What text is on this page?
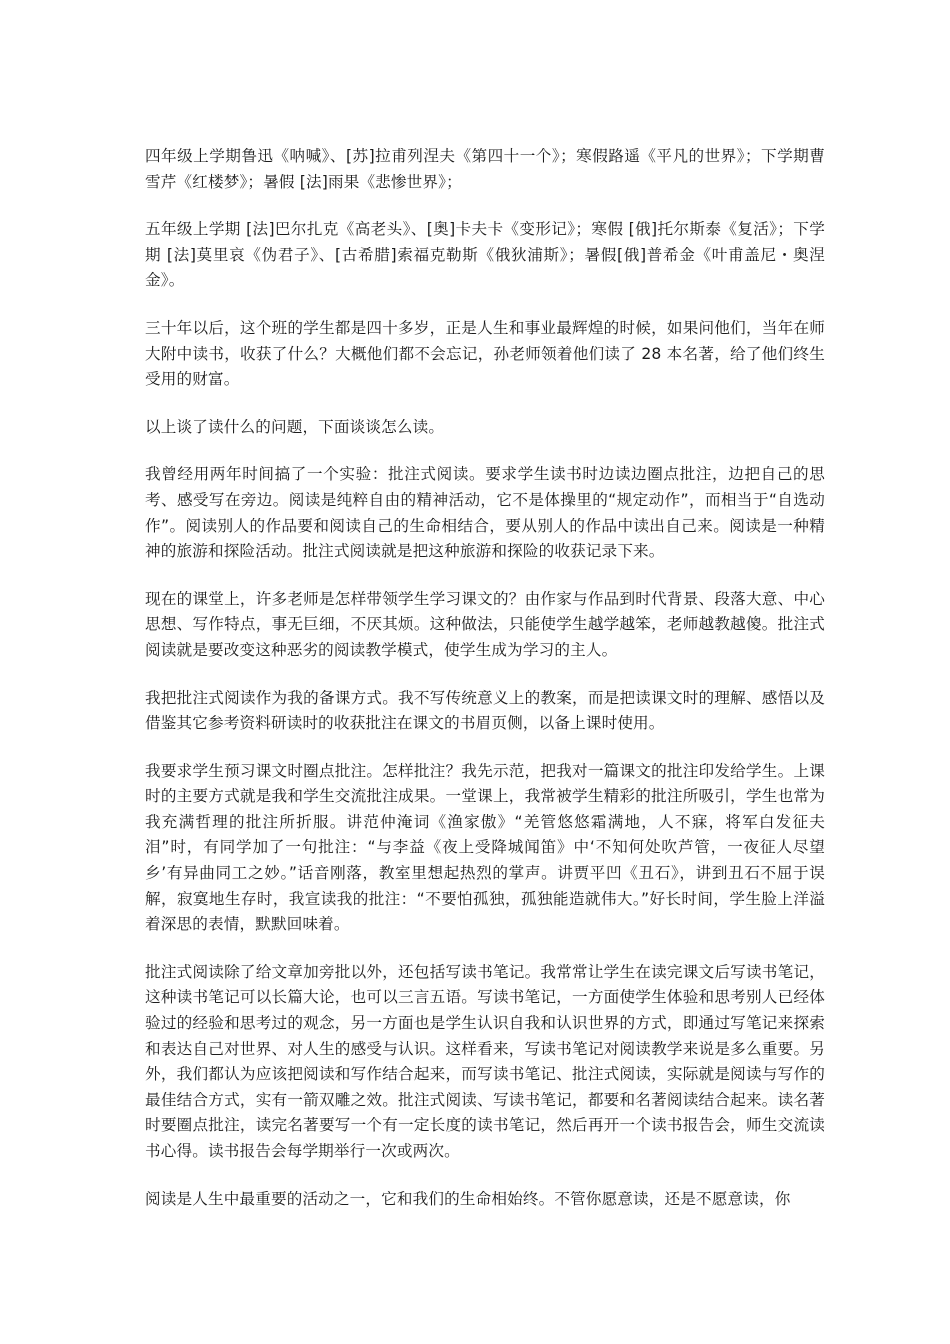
四年级上学期鲁迅《呐喊》、[苏]拉甫列涅夫《第四十一个》；寒假路遥《平凡的世界》；下学期曹雪芹《红楼梦》；暑假 [法]雨果《悲惨世界》；

五年级上学期 [法]巴尔扎克《高老头》、[奥]卡夫卡《变形记》；寒假 [俄]托尔斯泰《复活》；下学期 [法]莫里哀《伪君子》、[古希腊]索福克勒斯《俄狄浦斯》；暑假[俄]普希金《叶甫盖尼・奥涅金》。

三十年以后，这个班的学生都是四十多岁，正是人生和事业最辉煌的时候，如果问他们，当年在师大附中读书，收获了什么？大概他们都不会忘记，孙老师领着他们读了 28 本名著，给了他们终生受用的财富。

以上谈了读什么的问题，下面谈谈怎么读。

我曾经用两年时间搞了一个实验：批注式阅读。要求学生读书时边读边圈点批注，边把自己的思考、感受写在旁边。阅读是纯粹自由的精神活动，它不是体操里的“规定动作”，而相当于“自选动作”。阅读别人的作品要和阅读自己的生命相结合，要从别人的作品中读出自己来。阅读是一种精神的旅游和探险活动。批注式阅读就是把这种旅游和探险的收获记录下来。

现在的课堂上，许多老师是怎样带领学生学习课文的？由作家与作品到时代背景、段落大意、中心思想、写作特点，事无巨细，不厌其烦。这种做法，只能使学生越学越笨，老师越教越傻。批注式阅读就是要改变这种恶劣的阅读教学模式，使学生成为学习的主人。

我把批注式阅读作为我的备课方式。我不写传统意义上的教案，而是把读课文时的理解、感悟以及借鉴其它参考资料研读时的收获批注在课文的书眉页侧，以备上课时使用。

我要求学生预习课文时圈点批注。怎样批注？我先示范，把我对一篇课文的批注印发给学生。上课时的主要方式就是我和学生交流批注成果。一堂课上，我常被学生精彩的批注所吸引，学生也常为我充满哲理的批注所折服。讲范仲淹词《渔家傲》“羌管悠悠霜满地，人不寐，将军白发征夫泪”时，有同学加了一句批注：“与李益《夜上受降城闻笛》中‘不知何处吹芦管，一夜征人尽望乡’有异曲同工之妙。”话音刚落，教室里想起热烈的掌声。讲贾平凹《丑石》，讲到丑石不屈于误解，寂寞地生存时，我宣读我的批注：“不要怕孤独，孤独能造就伟大。”好长时间，学生脸上洋溢着深思的表情，默默回味着。

批注式阅读除了给文章加旁批以外，还包括写读书笔记。我常常让学生在读完课文后写读书笔记，这种读书笔记可以长篇大论，也可以三言五语。写读书笔记，一方面使学生体验和思考别人已经体验过的经验和思考过的观念，另一方面也是学生认识自我和认识世界的方式，即通过写笔记来探索和表达自己对世界、对人生的感受与认识。这样看来，写读书笔记对阅读教学来说是多么重要。另外，我们都认为应该把阅读和写作结合起来，而写读书笔记、批注式阅读，实际就是阅读与写作的最佳结合方式，实有一箭双雕之效。批注式阅读、写读书笔记，都要和名著阅读结合起来。读名著时要圈点批注，读完名著要写一个有一定长度的读书笔记，然后再开一个读书报告会，师生交流读书心得。读书报告会每学期举行一次或两次。

阅读是人生中最重要的活动之一，它和我们的生命相始终。不管你愿意读，还是不愿意读，你
